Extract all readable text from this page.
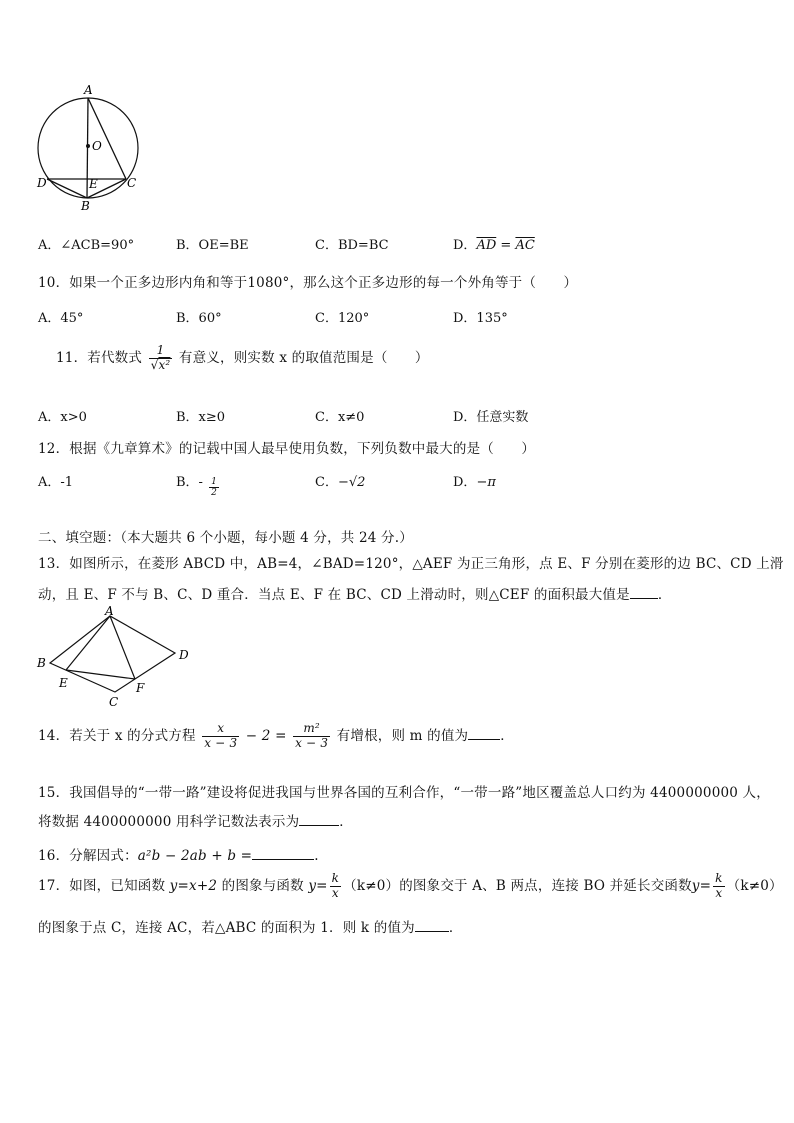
A
O
D	E C
B
A．∠ACB=90°	B．OE=BE	C．BD=BC	D．$\overline{AD} = \overline{AC}$
10．如果一个正多边形内角和等于1080°，那么这个正多边形的每一个外角等于（　　）
A．45°	B．60°	C．120°	D．135°
11．若代数式 $\frac{1}{\text{√x²}}$ 有意义，则实数 x 的取值范围是（　　）
A．x>0	B．x≥0	C．x≠0	D．任意实数
12．根据《九章算术》的记载中国人最早使用负数，下列负数中最大的是（　　）
A．-1	B．- $\frac{1}{2}$	C．−√2	D．−π
二、填空题：（本大题共 6 个小题，每小题 4 分，共 24 分.）
13．如图所示，在菱形 ABCD 中，AB=4，∠BAD=120°，△AEF 为正三角形，点 E、F 分别在菱形的边 BC、CD 上滑
动，且 E、F 不与 B、C、D 重合．当点 E、F 在 BC、CD 上滑动时，则△CEF 的面积最大值是 ．
A
B
D
E	F
C
14．若关于 x 的分式方程 $\frac{x}{x - 3} - 2 = \frac{\text{m²}}{x - 3}$ 有增根，则 m 的值为 ．
15．我国倡导的“一带一路”建设将促进我国与世界各国的互利合作，“一带一路”地区覆盖总人口约为 4400000000 人，
将数据 4400000000 用科学记数法表示为	．
16．分解因式：a²b − 2ab + b =	.
17．如图，已知函数 y=x+2 的图象与函数 $y= \frac{k}{x} (k\ne 0)$的图象交于 A、B 两点，连接 BO 并延长交函数$y= \frac{k}{x} (k\ne 0)$
的图象于点 C，连接 AC，若△ABC 的面积为 1．则 k 的值为	．
